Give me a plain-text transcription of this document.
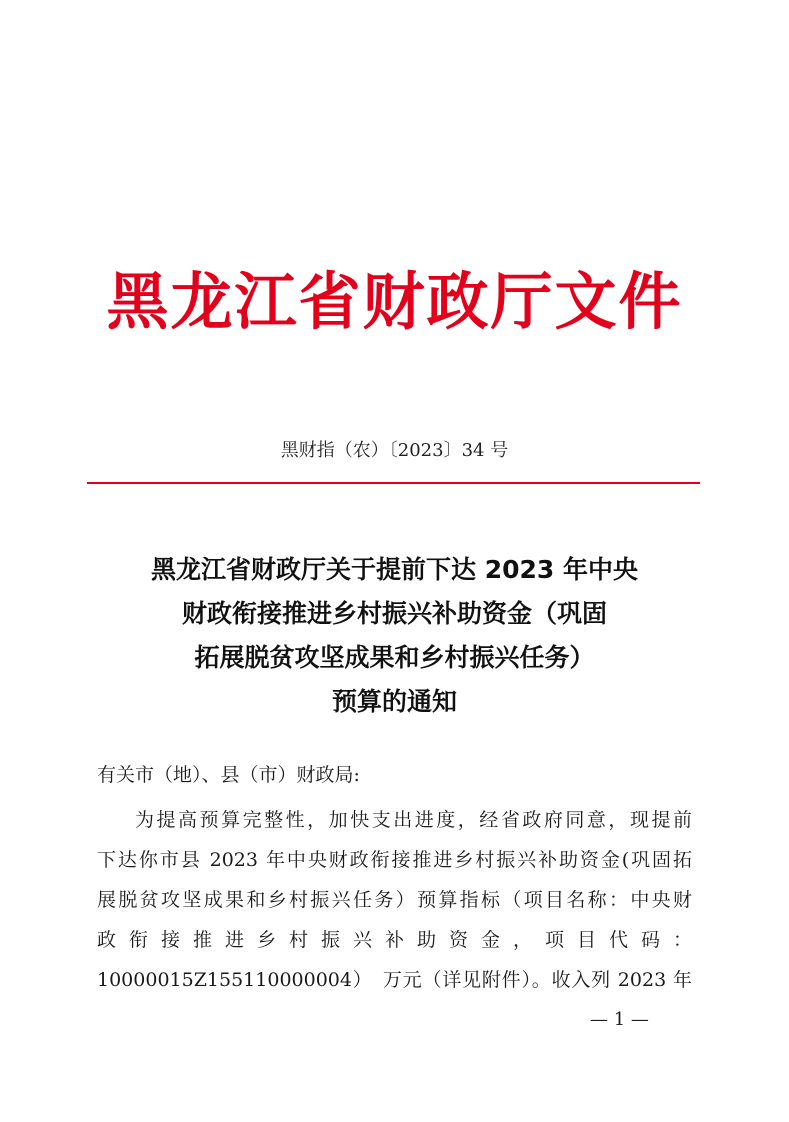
黑龙江省财政厅文件
黑财指（农）〔2023〕34 号
黑龙江省财政厅关于提前下达 2023 年中央
财政衔接推进乡村振兴补助资金（巩固
拓展脱贫攻坚成果和乡村振兴任务）
预算的通知
有关市（地）、县（市）财政局:
为提高预算完整性，加快支出进度，经省政府同意，现提前
下达你市县 2023 年中央财政衔接推进乡村振兴补助资金(巩固拓
展脱贫攻坚成果和乡村振兴任务）预算指标（项目名称：中央财
政衔接推进乡村振兴补助资金，项目代码：
10000015Z155110000004）　万元（详见附件）。收入列 2023 年
— 1 —
